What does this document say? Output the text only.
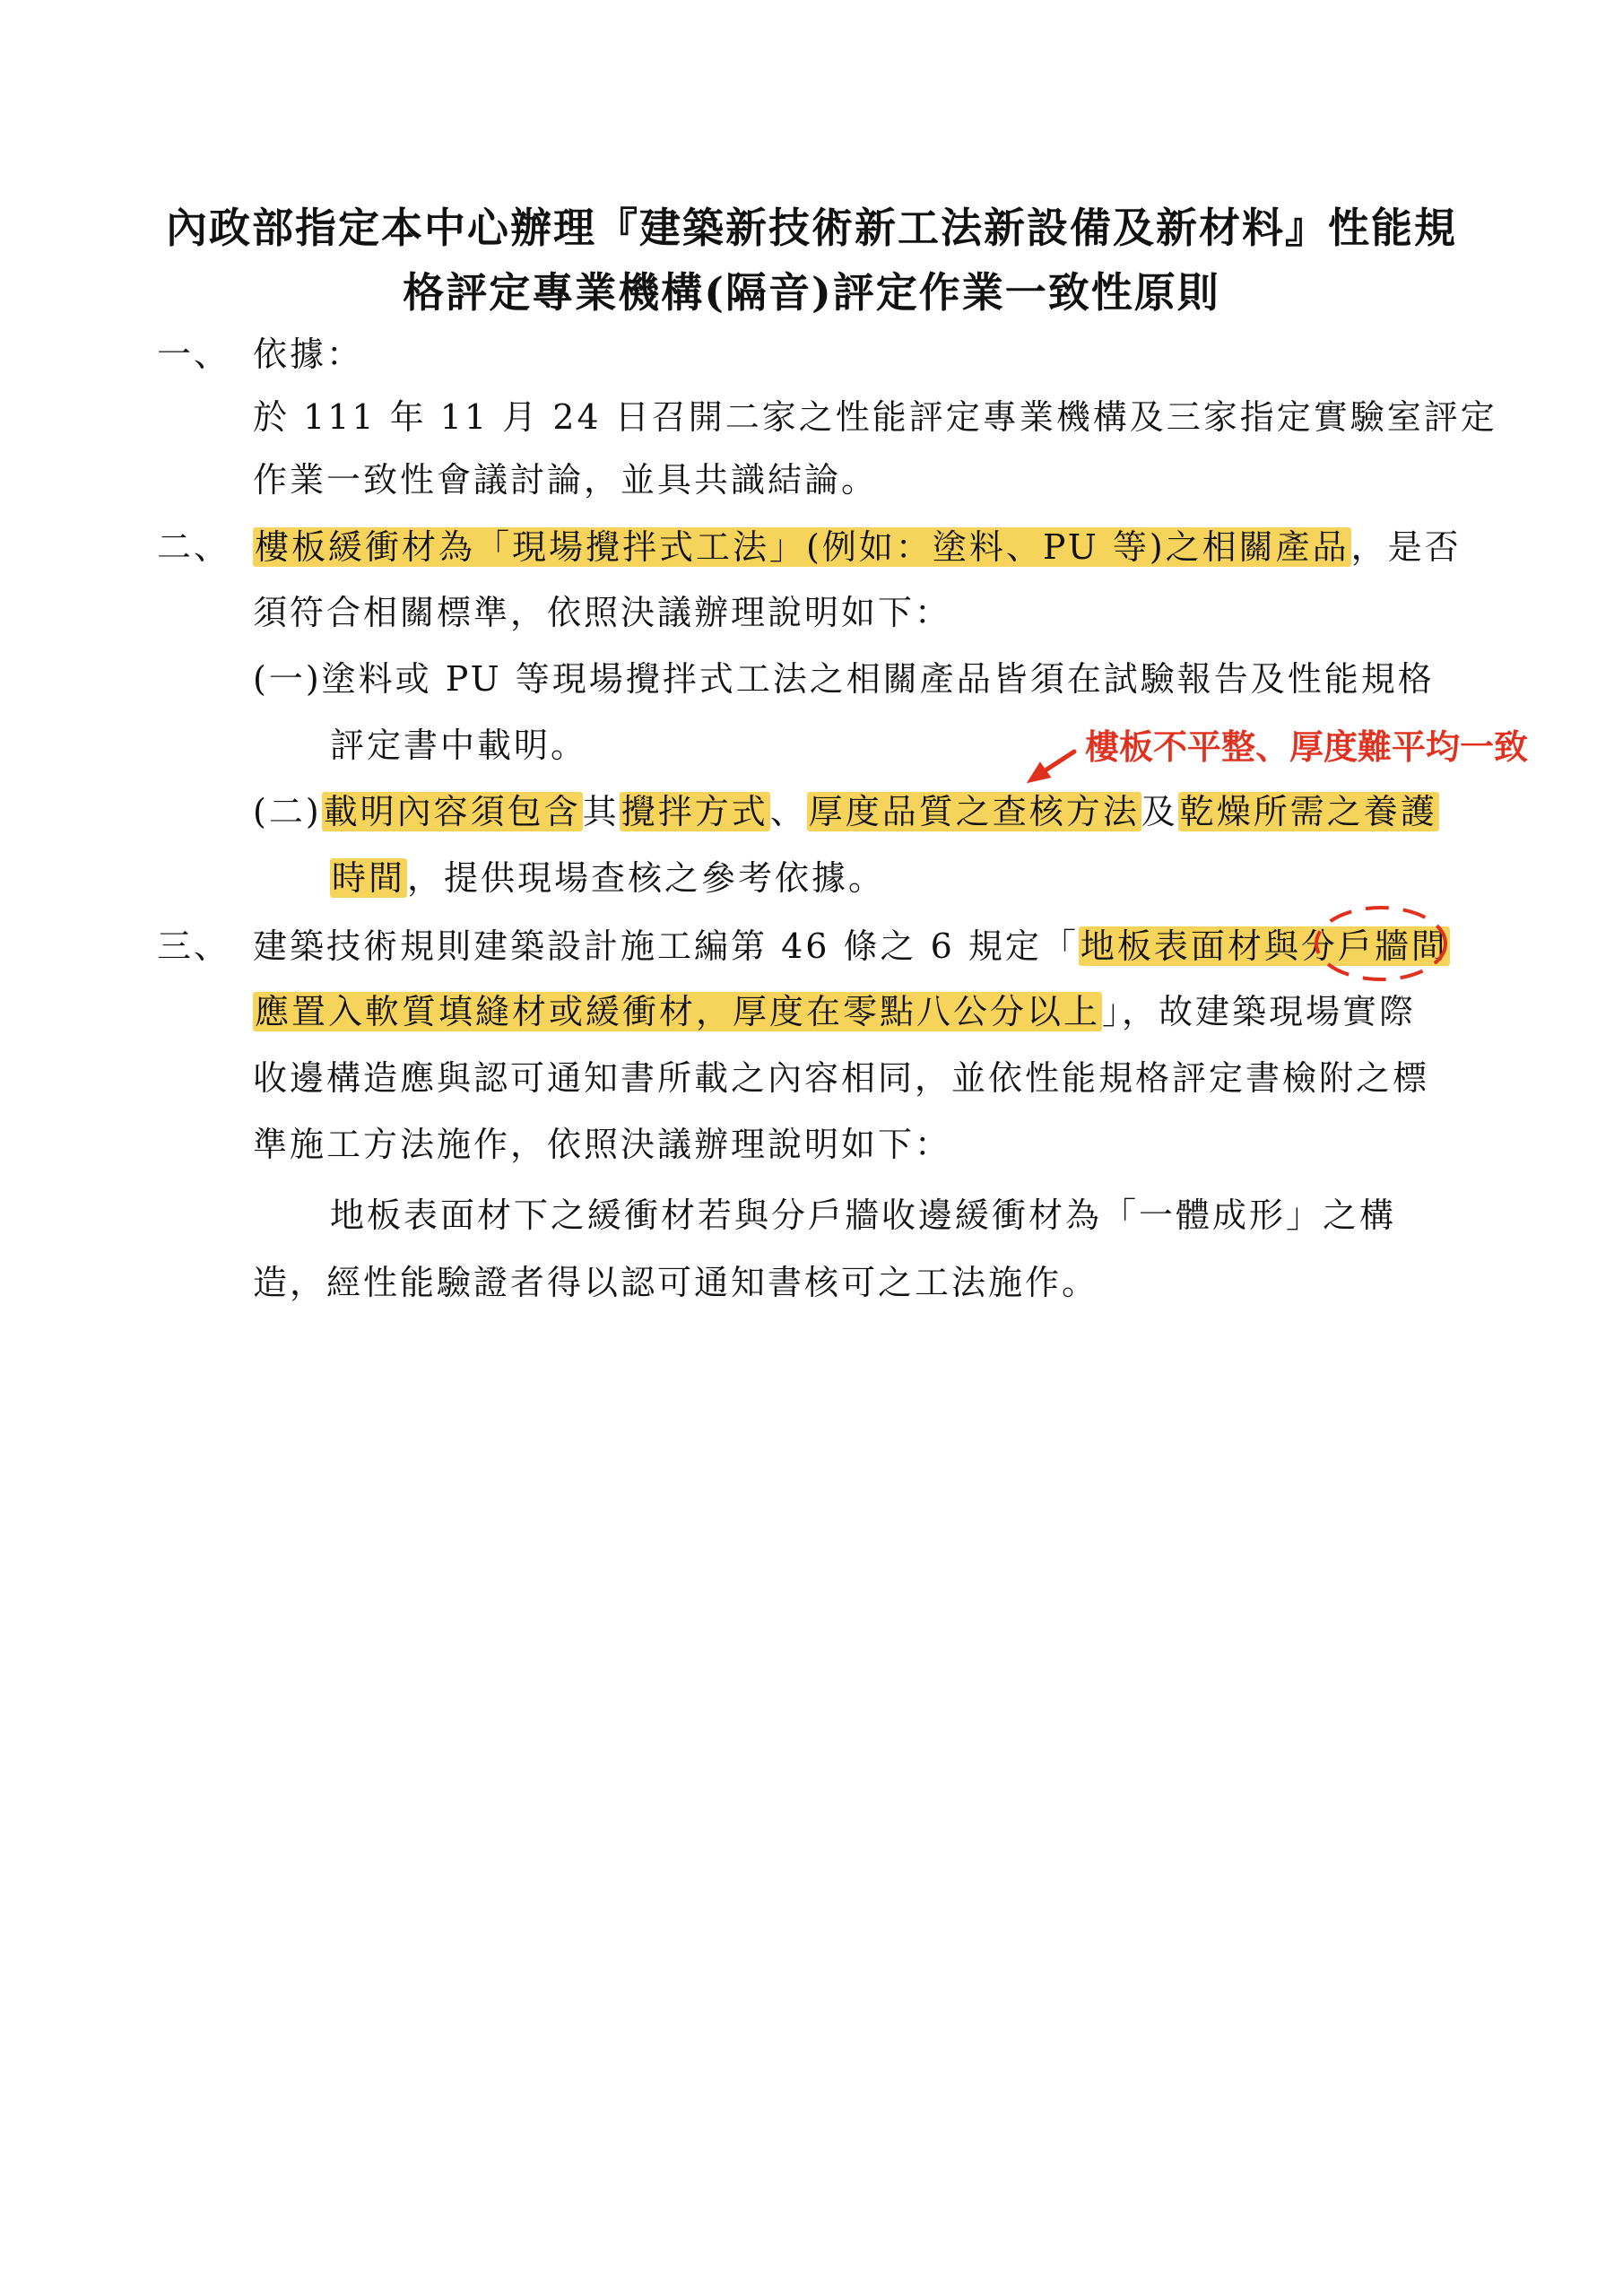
內政部指定本中心辦理『建築新技術新工法新設備及新材料』性能規
格評定專業機構(隔音)評定作業一致性原則
一、 依據：
於 111 年 11 月 24 日召開二家之性能評定專業機構及三家指定實驗室評定
作業一致性會議討論，並具共識結論。
二、 樓板緩衝材為「現場攪拌式工法」(例如：塗料、PU 等)之相關產品，是否
須符合相關標準，依照決議辦理說明如下：
(一)塗料或 PU 等現場攪拌式工法之相關產品皆須在試驗報告及性能規格
評定書中載明。	樓板不平整、厚度難平均一致
(二)載明內容須包含其攪拌方式、厚度品質之查核方法及乾燥所需之養護
時間，提供現場查核之參考依據。
三、 建築技術規則建築設計施工編第 46 條之 6 規定「地板表面材與分戶牆間
應置入軟質填縫材或緩衝材，厚度在零點八公分以上」，故建築現場實際
收邊構造應與認可通知書所載之內容相同，並依性能規格評定書檢附之標
準施工方法施作，依照決議辦理說明如下：
地板表面材下之緩衝材若與分戶牆收邊緩衝材為「一體成形」之構
造，經性能驗證者得以認可通知書核可之工法施作。
